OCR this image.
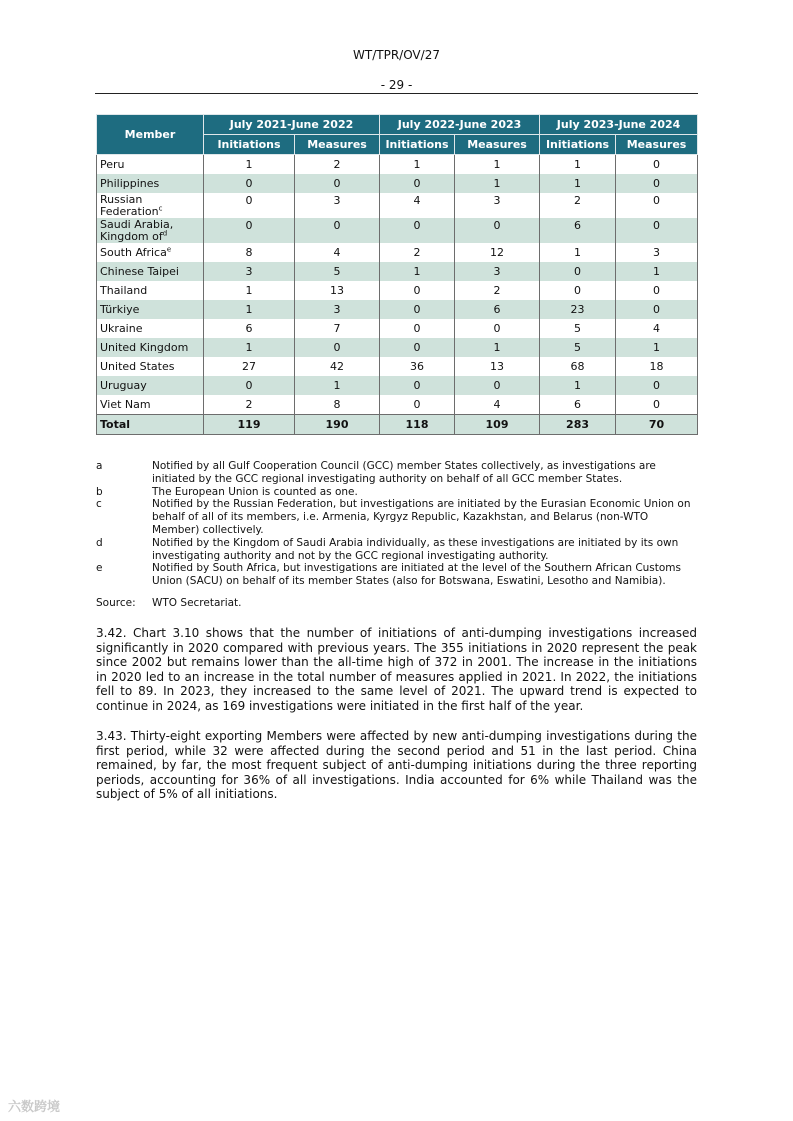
WT/TPR/OV/27
- 29 -
Member	July 2021-June 2022		July 2022-June 2023		July 2023-June 2024	
	Initiations	Measures	Initiations	Measures	Initiations	Measures
Peru	1	2	1	1	1	0
Philippines	0	0	0	1	1	0
Russian Federation$^c$	0	3	4	3	2	0
Saudi Arabia, Kingdom $of^d$	0	0	0	0	6	0
South Africa$^e$	8	4	2	12	1	3
Chinese Taipei	3	5	1	3	0	1
Thailand	1	13	0	2	0	0
Türkiye	1	3	0	6	23	0
Ukraine	6	7	0	0	5	4
United Kingdom	1	0	0	1	5	1
United States	27	42	36	13	68	18
Uruguay	0	1	0	0	1	0
Viet Nam	2	8	0	4	6	0
Total	119	190	118	109	283	70
a	Notified by all Gulf Cooperation Council (GCC) member States collectively, as investigations are initiated by the GCC regional investigating authority on behalf of all GCC member States.
b	The European Union is counted as one.
c	Notified by the Russian Federation, but investigations are initiated by the Eurasian Economic Union on behalf of all of its members, i.e. Armenia, Kyrgyz Republic, Kazakhstan, and Belarus (non-WTO Member) collectively.
d	Notified by the Kingdom of Saudi Arabia individually, as these investigations are initiated by its own investigating authority and not by the GCC regional investigating authority.
e	Notified by South Africa, but investigations are initiated at the level of the Southern African Customs Union (SACU) on behalf of its member States (also for Botswana, Eswatini, Lesotho and Namibia).
Source:	WTO Secretariat.
3.42. Chart 3.10 shows that the number of initiations of anti-dumping investigations increased significantly in 2020 compared with previous years. The 355 initiations in 2020 represent the peak since 2002 but remains lower than the all-time high of 372 in 2001. The increase in the initiations in 2020 led to an increase in the total number of measures applied in 2021. In 2022, the initiations fell to 89. In 2023, they increased to the same level of 2021. The upward trend is expected to continue in 2024, as 169 investigations were initiated in the first half of the year.
3.43. Thirty-eight exporting Members were affected by new anti-dumping investigations during the first period, while 32 were affected during the second period and 51 in the last period. China remained, by far, the most frequent subject of anti-dumping initiations during the three reporting periods, accounting for 36% of all investigations. India accounted for 6% while Thailand was the subject of 5% of all initiations.
六数跨境
